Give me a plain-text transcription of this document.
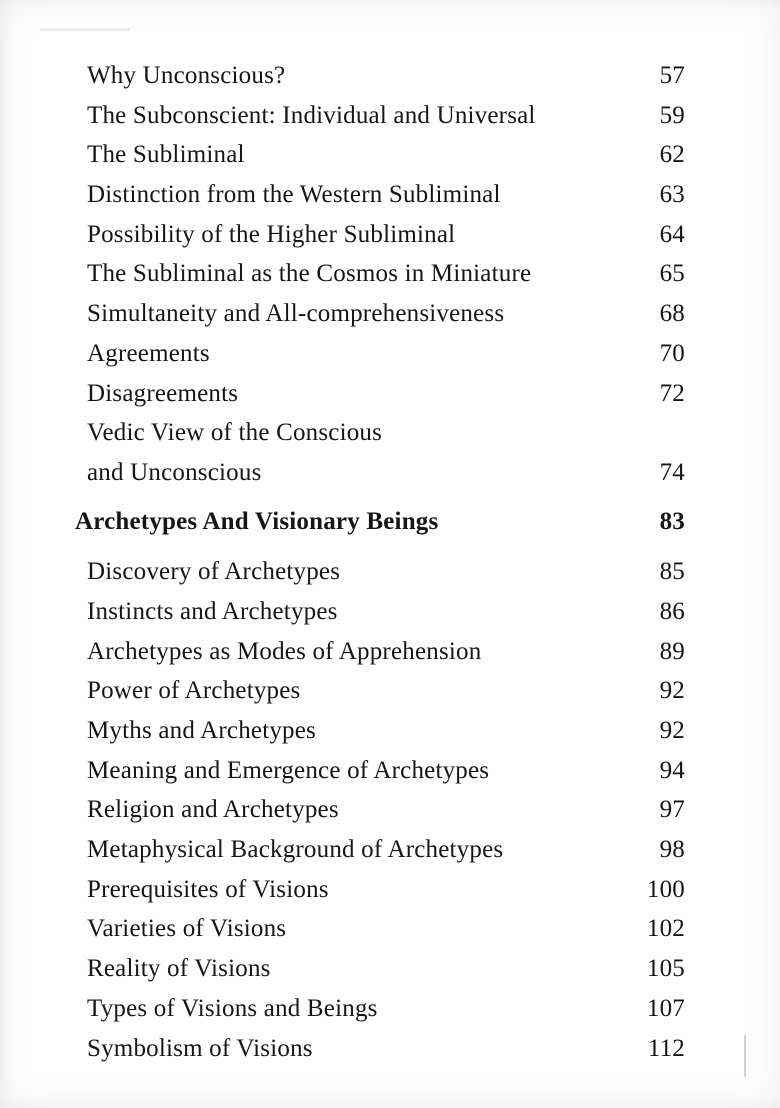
Why Unconscious?	57
The Subconscient: Individual and Universal	59
The Subliminal	62
Distinction from the Western Subliminal	63
Possibility of the Higher Subliminal	64
The Subliminal as the Cosmos in Miniature	65
Simultaneity and All-comprehensiveness	68
Agreements	70
Disagreements	72
Vedic View of the Conscious
and Unconscious	74
Archetypes And Visionary Beings	83
Discovery of Archetypes	85
Instincts and Archetypes	86
Archetypes as Modes of Apprehension	89
Power of Archetypes	92
Myths and Archetypes	92
Meaning and Emergence of Archetypes	94
Religion and Archetypes	97
Metaphysical Background of Archetypes	98
Prerequisites of Visions	100
Varieties of Visions	102
Reality of Visions	105
Types of Visions and Beings	107
Symbolism of Visions	112
